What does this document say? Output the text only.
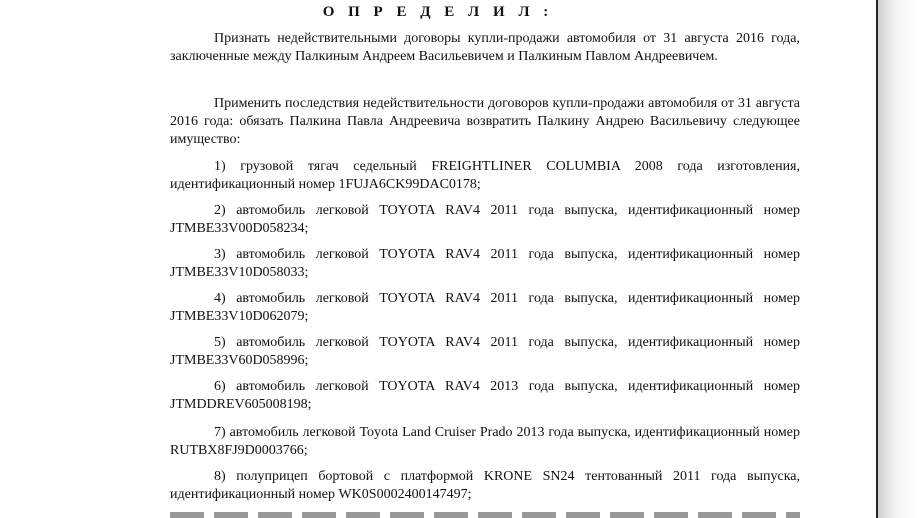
О П Р Е Д Е Л И Л :

Признать недействительными договоры купли-продажи автомобиля от 31 августа 2016 года, заключенные между Палкиным Андреем Васильевичем и Палкиным Павлом Андреевичем.

Применить последствия недействительности договоров купли-продажи автомобиля от 31 августа 2016 года: обязать Палкина Павла Андреевича возвратить Палкину Андрею Васильевичу следующее имущество:

1) грузовой тягач седельный FREIGHTLINER COLUMBIA 2008 года изготовления, идентификационный номер 1FUJA6CK99DAC0178;

2) автомобиль легковой TOYOTA RAV4 2011 года выпуска, идентификационный номер JTMBE33V00D058234;

3) автомобиль легковой TOYOTA RAV4 2011 года выпуска, идентификационный номер JTMBE33V10D058033;

4) автомобиль легковой TOYOTA RAV4 2011 года выпуска, идентификационный номер JTMBE33V10D062079;

5) автомобиль легковой TOYOTA RAV4 2011 года выпуска, идентификационный номер JTMBE33V60D058996;

6) автомобиль легковой TOYOTA RAV4 2013 года выпуска, идентификационный номер JTMDDREV605008198;

7) автомобиль легковой Toyota Land Cruiser Prado 2013 года выпуска, идентификационный номер RUTBX8FJ9D0003766;

8) полуприцеп бортовой с платформой KRONE SN24 тентованный 2011 года выпуска, идентификационный номер WK0S0002400147497;
